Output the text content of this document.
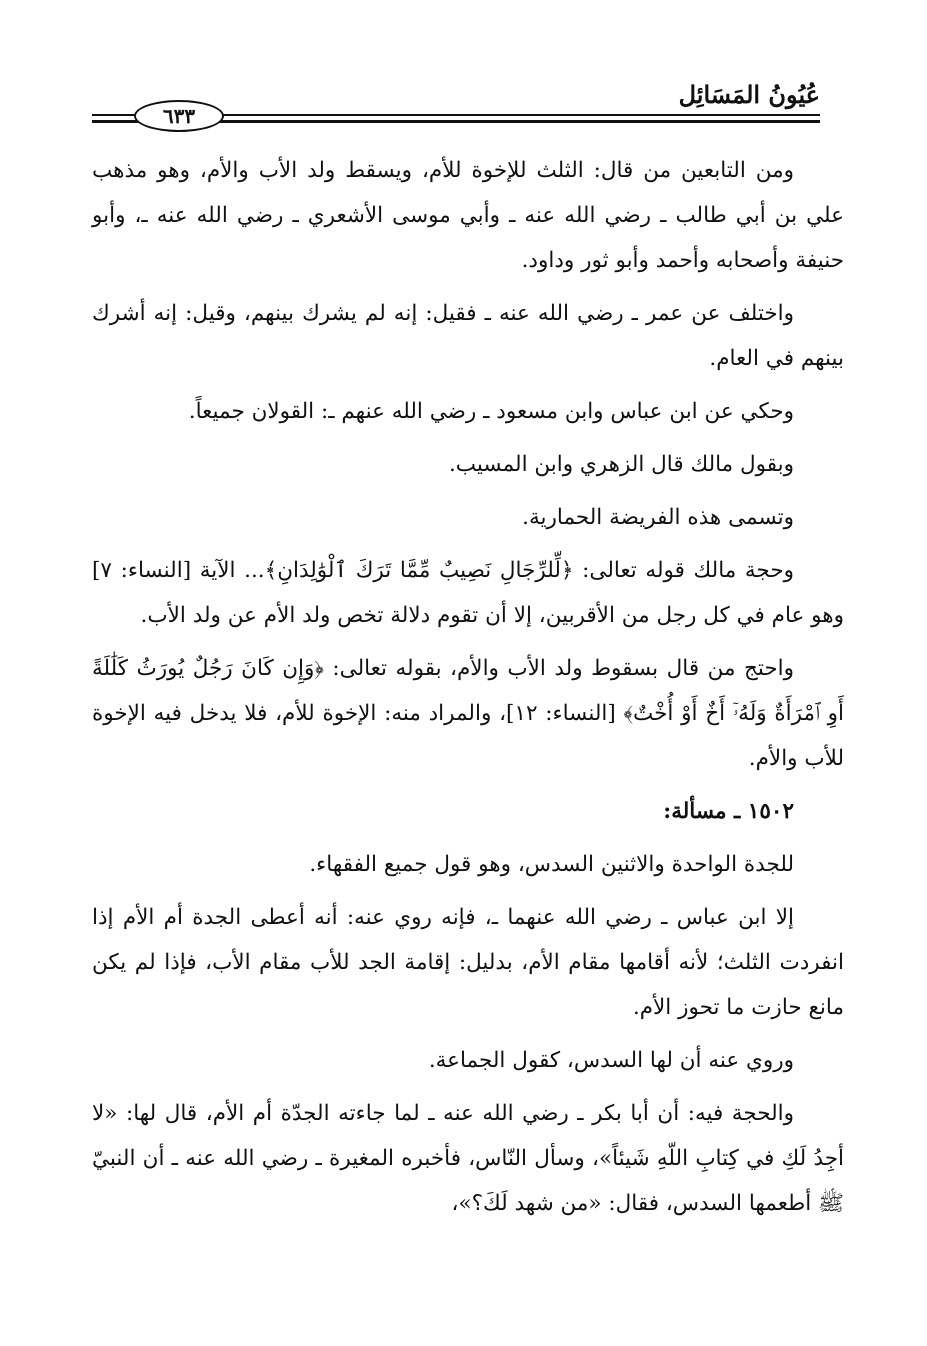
عُيُونُ المَسَائِل
٦٣٣

ومن التابعين من قال: الثلث للإخوة للأم، ويسقط ولد الأب والأم، وهو مذهب علي بن أبي طالب ـ رضي الله عنه ـ وأبي موسى الأشعري ـ رضي الله عنه ـ، وأبو حنيفة وأصحابه وأحمد وأبو ثور وداود.

واختلف عن عمر ـ رضي الله عنه ـ فقيل: إنه لم يشرك بينهم، وقيل: إنه أشرك بينهم في العام.

وحكي عن ابن عباس وابن مسعود ـ رضي الله عنهم ـ: القولان جميعاً.

وبقول مالك قال الزهري وابن المسيب.

وتسمى هذه الفريضة الحمارية.

وحجة مالك قوله تعالى: ﴿لِّلرِّجَالِ نَصِيبٌ مِّمَّا تَرَكَ ٱلْوَٰلِدَانِ﴾... الآية [النساء: ٧] وهو عام في كل رجل من الأقربين، إلا أن تقوم دلالة تخص ولد الأم عن ولد الأب.

واحتج من قال بسقوط ولد الأب والأم، بقوله تعالى: ﴿وَإِن كَانَ رَجُلٌ يُورَثُ كَلَٰلَةً أَوِ ٱمْرَأَةٌ وَلَهُۥٓ أَخٌ أَوْ أُخْتٌ﴾ [النساء: ١٢]، والمراد منه: الإخوة للأم، فلا يدخل فيه الإخوة للأب والأم.

١٥٠٢ ـ مسألة:

للجدة الواحدة والاثنين السدس، وهو قول جميع الفقهاء.

إلا ابن عباس ـ رضي الله عنهما ـ، فإنه روي عنه: أنه أعطى الجدة أم الأم إذا انفردت الثلث؛ لأنه أقامها مقام الأم، بدليل: إقامة الجد للأب مقام الأب، فإذا لم يكن مانع حازت ما تحوز الأم.

وروي عنه أن لها السدس، كقول الجماعة.

والحجة فيه: أن أبا بكر ـ رضي الله عنه ـ لما جاءته الجدّة أم الأم، قال لها: «لا أجِدُ لَكِ في كِتابِ اللّهِ شَيئاً»، وسأل النّاس، فأخبره المغيرة ـ رضي الله عنه ـ أن النبيّ ﷺ أطعمها السدس، فقال: «من شهد لَكَ؟»،
